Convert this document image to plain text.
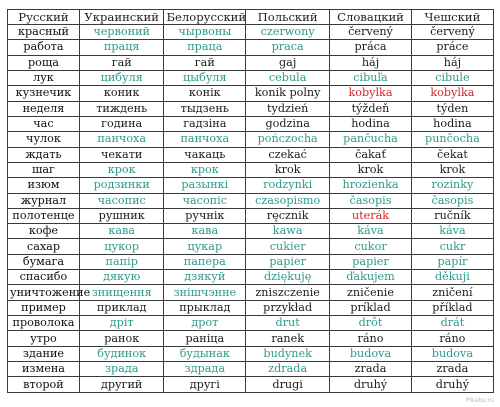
Русский	Украинский	Белорусский	Польский	Словацкий	Чешский
красный	червоний	чырвоны	czerwony	červený	červený
работа	праця	праца	praca	práca	práce
роща	гай	гай	gaj	háj	háj
лук	цибуля	цыбуля	cebula	cibuľa	cibule
кузнечик	коник	конік	konik polny	kobylka	kobylka
неделя	тиждень	тыдзень	tydzień	týždeň	týden
час	година	гадзіна	godzina	hodina	hodina
чулок	панчоха	панчоха	pończocha	pančucha	punčocha
ждать	чекати	чакаць	czekać	čakať	čekat
шаг	крок	крок	krok	krok	krok
изюм	родзинки	разынкі	rodzynki	hrozienka	rozinky
журнал	часопис	часопіс	czasopismo	časopis	časopis
полотенце	рушник	ручнік	ręcznik	uterák	ručník
кофе	кава	кава	kawa	káva	káva
сахар	цукор	цукар	cukier	cukor	cukr
бумага	папір	папера	papier	papier	papír
спасибо	дякую	дзякуй	dziękuję	ďakujem	děkuji
уничтожение	знищення	знішчэнне	zniszczenie	zničenie	zničení
пример	приклад	прыклад	przykład	príklad	příklad
проволока	дріт	дрот	drut	drôt	drát
утро	ранок	раніца	ranek	ráno	ráno
здание	будинок	будынак	budynek	budova	budova
измена	зрада	здрада	zdrada	zrada	zrada
второй	другий	другі	drugi	druhý	druhý
Pikabu.ru
